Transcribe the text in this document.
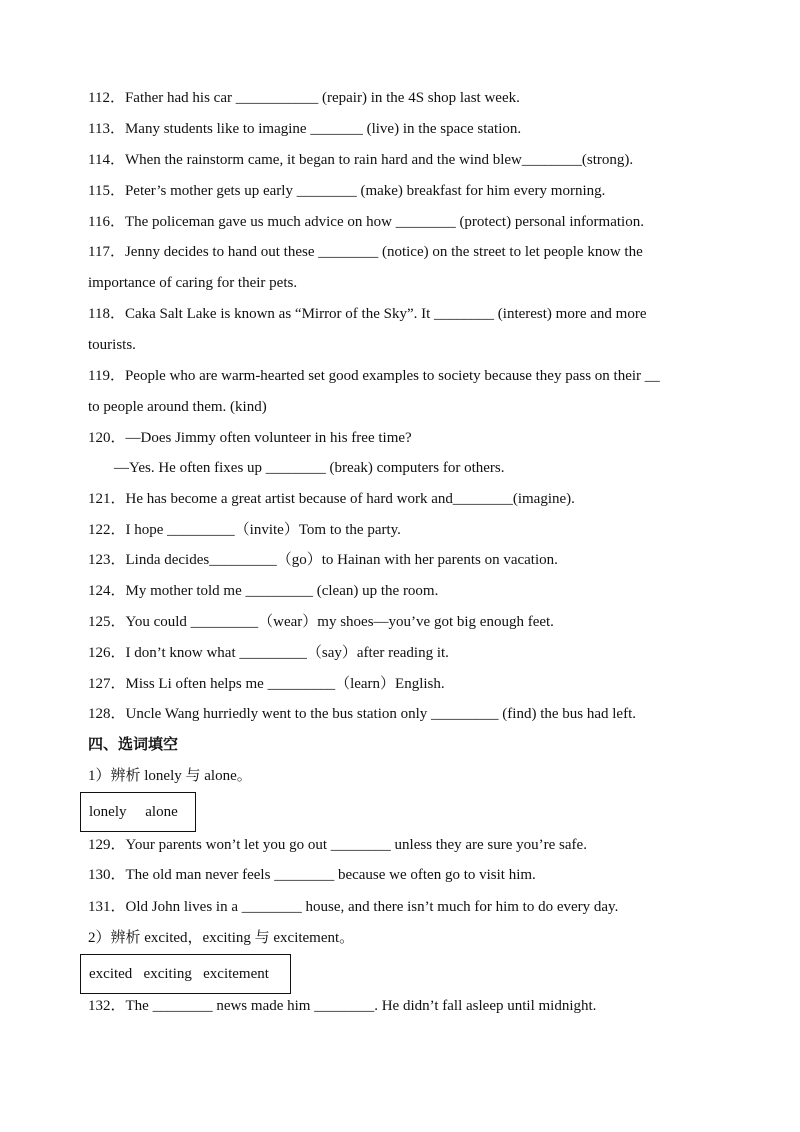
112．Father had his car ___________ (repair) in the 4S shop last week.
113．Many students like to imagine _______ (live) in the space station.
114．When the rainstorm came, it began to rain hard and the wind blew________(strong).
115．Peter’s mother gets up early ________ (make) breakfast for him every morning.
116．The policeman gave us much advice on how ________ (protect) personal information.
117．Jenny decides to hand out these ________ (notice) on the street to let people know the
importance of caring for their pets.
118．Caka Salt Lake is known as “Mirror of the Sky”. It ________ (interest) more and more
tourists.
119．People who are warm-hearted set good examples to society because they pass on their __
to people around them. (kind)
120．—Does Jimmy often volunteer in his free time?
—Yes. He often fixes up ________ (break) computers for others.
121．He has become a great artist because of hard work and________(imagine).
122．I hope _________（invite）Tom to the party.
123．Linda decides_________（go）to Hainan with her parents on vacation.
124．My mother told me _________ (clean) up the room.
125．You could _________（wear）my shoes—you’ve got big enough feet.
126．I don’t know what _________（say）after reading it.
127．Miss Li often helps me _________（learn）English.
128．Uncle Wang hurriedly went to the bus station only _________ (find) the bus had left.
四、选词填空
1）辨析 lonely 与 alone。
lonely     alone
129．Your parents won’t let you go out ________ unless they are sure you’re safe.
130．The old man never feels ________ because we often go to visit him.
131．Old John lives in a ________ house, and there isn’t much for him to do every day.
2）辨析 excited，exciting 与 excitement。
excited   exciting   excitement
132．The ________ news made him ________. He didn’t fall asleep until midnight.
